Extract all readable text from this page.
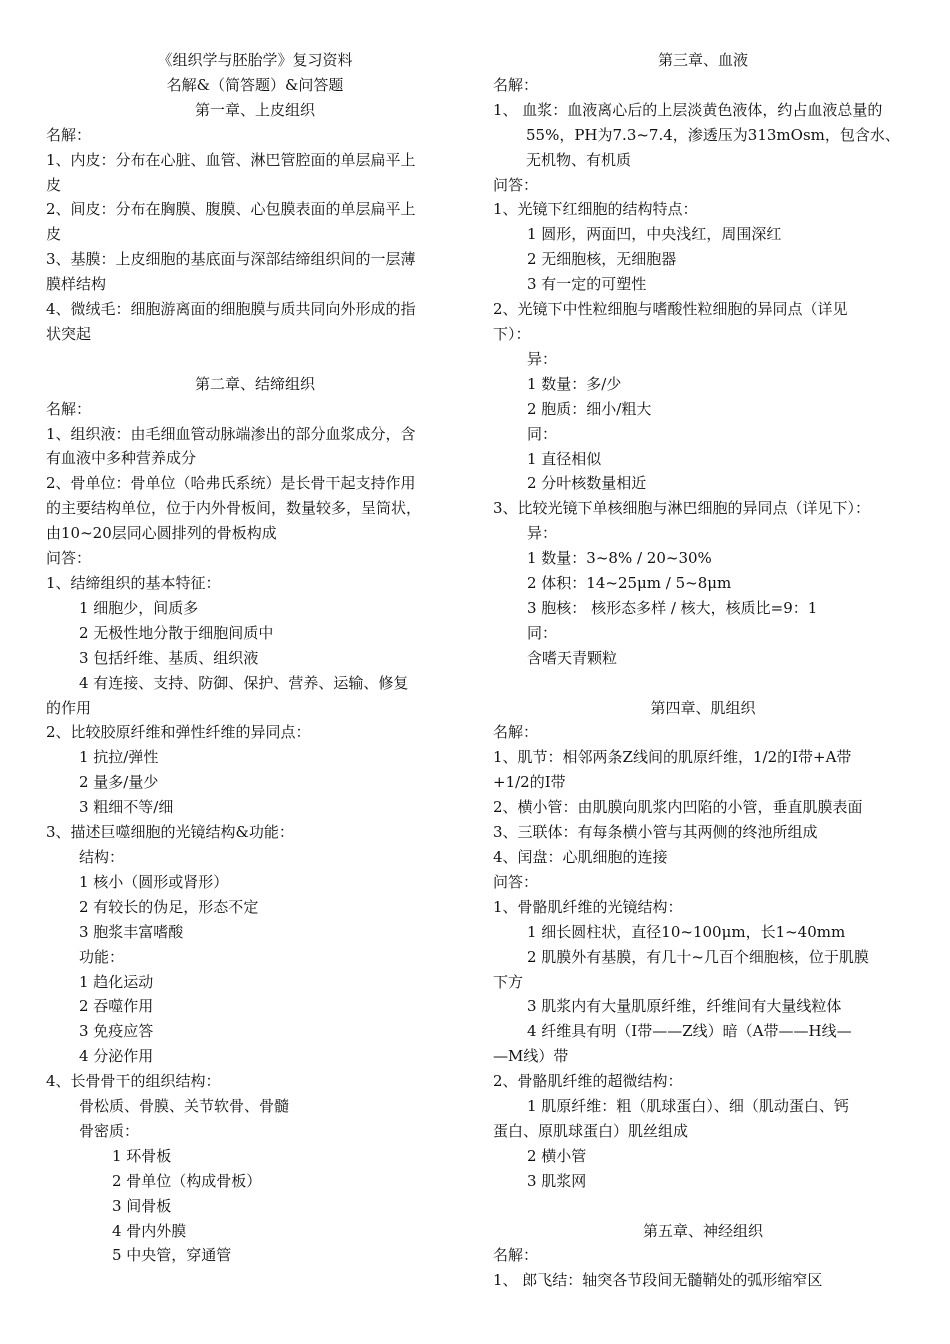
《组织学与胚胎学》复习资料
名解&（简答题）&问答题
第一章、上皮组织
名解：
1、内皮：分布在心脏、血管、淋巴管腔面的单层扁平上
皮
2、间皮：分布在胸膜、腹膜、心包膜表面的单层扁平上
皮
3、基膜：上皮细胞的基底面与深部结缔组织间的一层薄
膜样结构
4、微绒毛：细胞游离面的细胞膜与质共同向外形成的指
状突起
第二章、结缔组织
名解：
1、组织液：由毛细血管动脉端渗出的部分血浆成分，含
有血液中多种营养成分
2、骨单位：骨单位（哈弗氏系统）是长骨干起支持作用
的主要结构单位，位于内外骨板间，数量较多，呈筒状，
由10~20层同心圆排列的骨板构成
问答：
1、结缔组织的基本特征：
1 细胞少，间质多
2 无极性地分散于细胞间质中
3 包括纤维、基质、组织液
4 有连接、支持、防御、保护、营养、运输、修复
的作用
2、比较胶原纤维和弹性纤维的异同点：
1 抗拉/弹性
2 量多/量少
3 粗细不等/细
3、描述巨噬细胞的光镜结构&功能：
结构：
1 核小（圆形或肾形）
2 有较长的伪足，形态不定
3 胞浆丰富嗜酸
功能：
1 趋化运动
2 吞噬作用
3 免疫应答
4 分泌作用
4、长骨骨干的组织结构：
骨松质、骨膜、关节软骨、骨髓
骨密质：
1 环骨板
2 骨单位（构成骨板）
3 间骨板
4 骨内外膜
5 中央管，穿通管
第三章、血液
名解：
1、 血浆：血液离心后的上层淡黄色液体，约占血液总量的55%，PH为7.3~7.4，渗透压为313mOsm，包含水、无机物、有机质
问答：
1、光镜下红细胞的结构特点：
1 圆形，两面凹，中央浅红，周围深红
2 无细胞核，无细胞器
3 有一定的可塑性
2、光镜下中性粒细胞与嗜酸性粒细胞的异同点（详见
下）：
异：
1 数量：多/少
2 胞质：细小/粗大
同：
1 直径相似
2 分叶核数量相近
3、比较光镜下单核细胞与淋巴细胞的异同点（详见下）：
异：
1 数量：3~8% / 20~30%
2 体积：14~25μm / 5~8μm
3 胞核： 核形态多样 / 核大，核质比=9：1
同：
含嗜天青颗粒
第四章、肌组织
名解：
1、肌节：相邻两条Z线间的肌原纤维，1/2的Ⅰ带+A带
+1/2的Ⅰ带
2、横小管：由肌膜向肌浆内凹陷的小管，垂直肌膜表面
3、三联体：有每条横小管与其两侧的终池所组成
4、闰盘：心肌细胞的连接
问答：
1、骨骼肌纤维的光镜结构：
1 细长圆柱状，直径10~100μm，长1~40mm
2 肌膜外有基膜，有几十~几百个细胞核，位于肌膜
下方
3 肌浆内有大量肌原纤维，纤维间有大量线粒体
4 纤维具有明（Ⅰ带——Z线）暗（A带——H线—
—M线）带
2、骨骼肌纤维的超微结构：
1 肌原纤维：粗（肌球蛋白）、细（肌动蛋白、钙
蛋白、原肌球蛋白）肌丝组成
2 横小管
3 肌浆网
第五章、神经组织
名解：
1、 郎飞结：轴突各节段间无髓鞘处的弧形缩窄区
